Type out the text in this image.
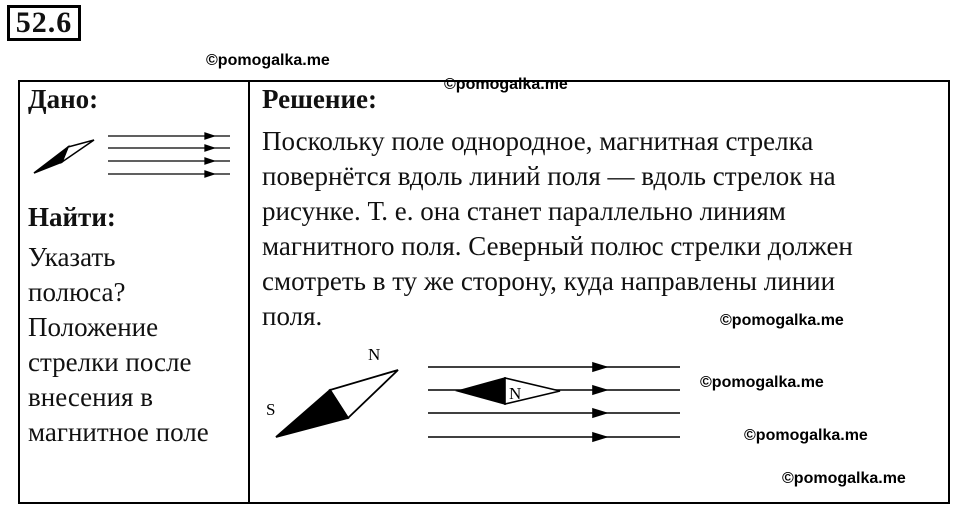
52.6
©pomogalka.me
©pomogalka.me
©pomogalka.me
©pomogalka.me
©pomogalka.me
©pomogalka.me
Дано:
Найти:
Указать
полюса?
Положение
стрелки после
внесения в
магнитное поле
Решение:
Поскольку поле однородное, магнитная стрелка
повернётся вдоль линий поля — вдоль стрелок на
рисунке. Т. е. она станет параллельно линиям
магнитного поля. Северный полюс стрелки должен
смотреть в ту же сторону, куда направлены линии
поля.
N
S
N
